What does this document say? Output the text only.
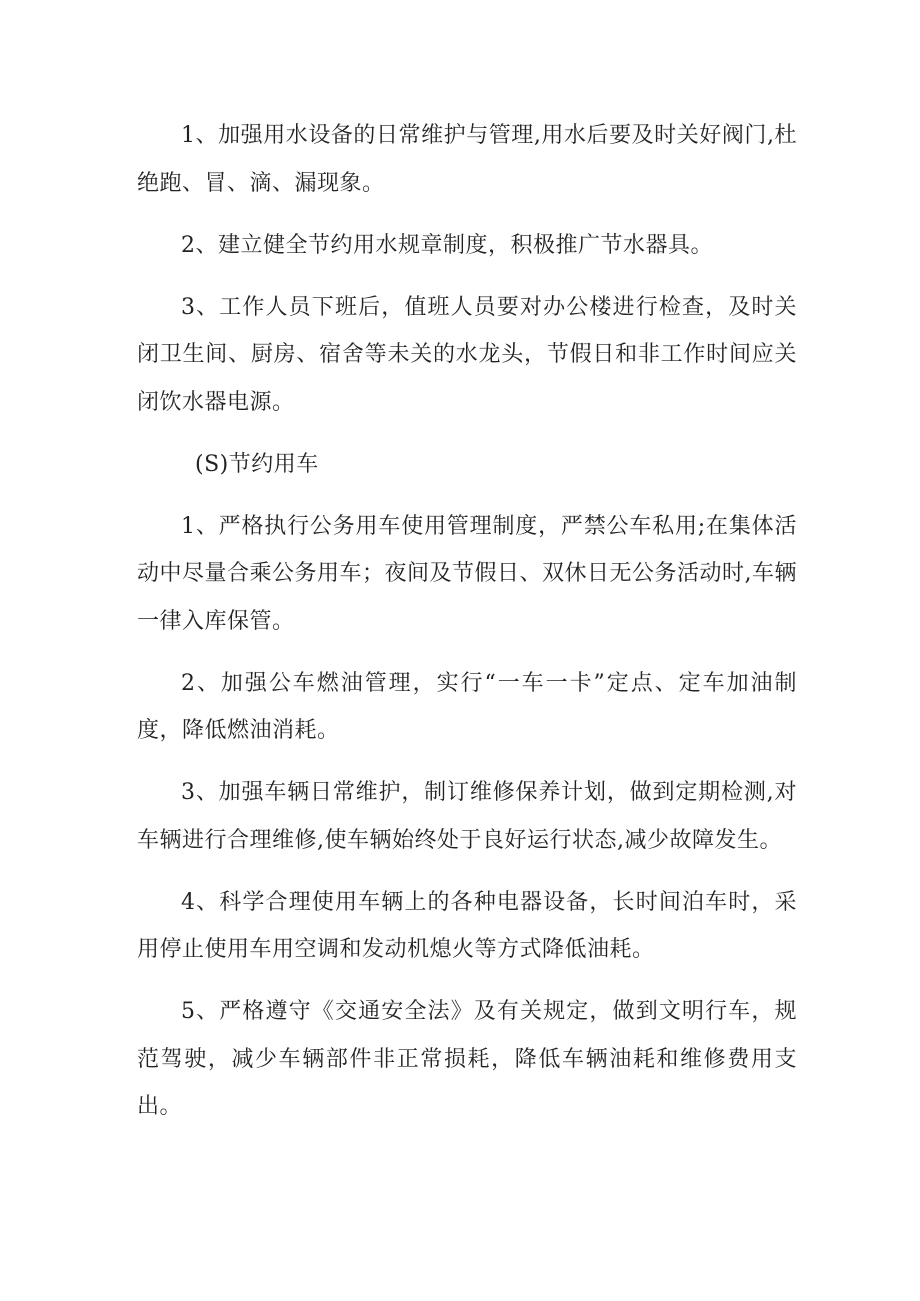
1、加强用水设备的日常维护与管理,用水后要及时关好阀门,杜绝跑、冒、滴、漏现象。

2、建立健全节约用水规章制度，积极推广节水器具。

3、工作人员下班后，值班人员要对办公楼进行检查，及时关闭卫生间、厨房、宿舍等未关的水龙头，节假日和非工作时间应关闭饮水器电源。

(S)节约用车

1、严格执行公务用车使用管理制度，严禁公车私用;在集体活动中尽量合乘公务用车；夜间及节假日、双休日无公务活动时,车辆一律入库保管。

2、加强公车燃油管理，实行“一车一卡”定点、定车加油制度，降低燃油消耗。

3、加强车辆日常维护，制订维修保养计划，做到定期检测,对车辆进行合理维修,使车辆始终处于良好运行状态,减少故障发生。

4、科学合理使用车辆上的各种电器设备，长时间泊车时，采用停止使用车用空调和发动机熄火等方式降低油耗。

5、严格遵守《交通安全法》及有关规定，做到文明行车，规范驾驶，减少车辆部件非正常损耗，降低车辆油耗和维修费用支出。
